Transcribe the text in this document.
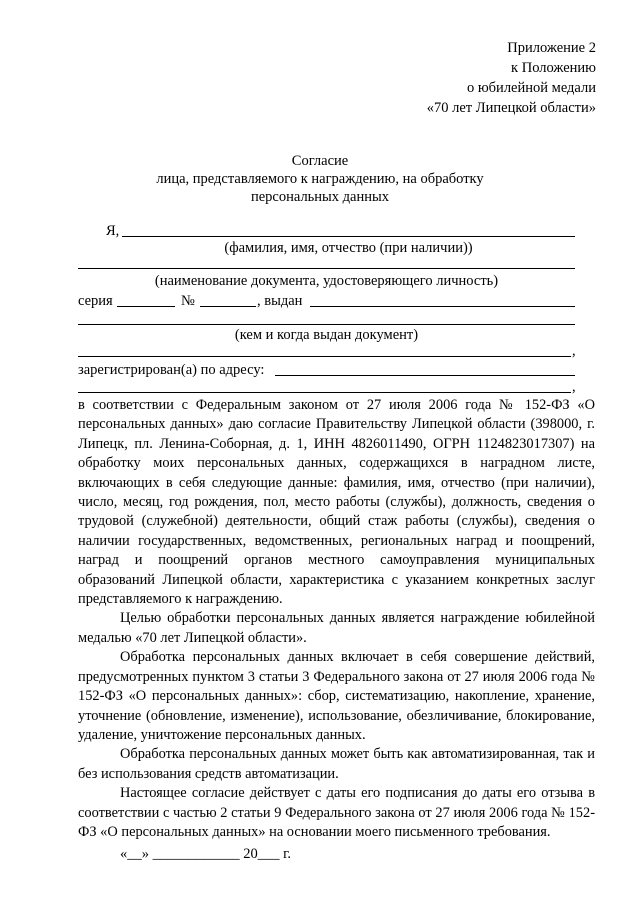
Приложение 2
к Положению
о юбилейной медали
«70 лет Липецкой области»
Согласие
лица, представляемого к награждению, на обработку
персональных данных
Я,
(фамилия, имя, отчество (при наличии))
(наименование документа, удостоверяющего личность)
серия	№	, выдан
(кем и когда выдан документ)
,
зарегистрирован(а) по адресу:
,

в соответствии с Федеральным законом от 27 июля 2006 года № 152-ФЗ «О персональных данных» даю согласие Правительству Липецкой области (398000, г. Липецк, пл. Ленина-Соборная, д. 1, ИНН 4826011490, ОГРН 1124823017307) на обработку моих персональных данных, содержащихся в наградном листе, включающих в себя следующие данные: фамилия, имя, отчество (при наличии), число, месяц, год рождения, пол, место работы (службы), должность, сведения о трудовой (служебной) деятельности, общий стаж работы (службы), сведения о наличии государственных, ведомственных, региональных наград и поощрений, наград и поощрений органов местного самоуправления муниципальных образований Липецкой области, характеристика с указанием конкретных заслуг представляемого к награждению.

Целью обработки персональных данных является награждение юбилейной медалью «70 лет Липецкой области».

Обработка персональных данных включает в себя совершение действий, предусмотренных пунктом 3 статьи 3 Федерального закона от 27 июля 2006 года № 152-ФЗ «О персональных данных»: сбор, систематизацию, накопление, хранение, уточнение (обновление, изменение), использование, обезличивание, блокирование, удаление, уничтожение персональных данных.

Обработка персональных данных может быть как автоматизированная, так и без использования средств автоматизации.

Настоящее согласие действует с даты его подписания до даты его отзыва в соответствии с частью 2 статьи 9 Федерального закона от 27 июля 2006 года № 152-ФЗ «О персональных данных» на основании моего письменного требования.

«__» ____________ 20___ г.
